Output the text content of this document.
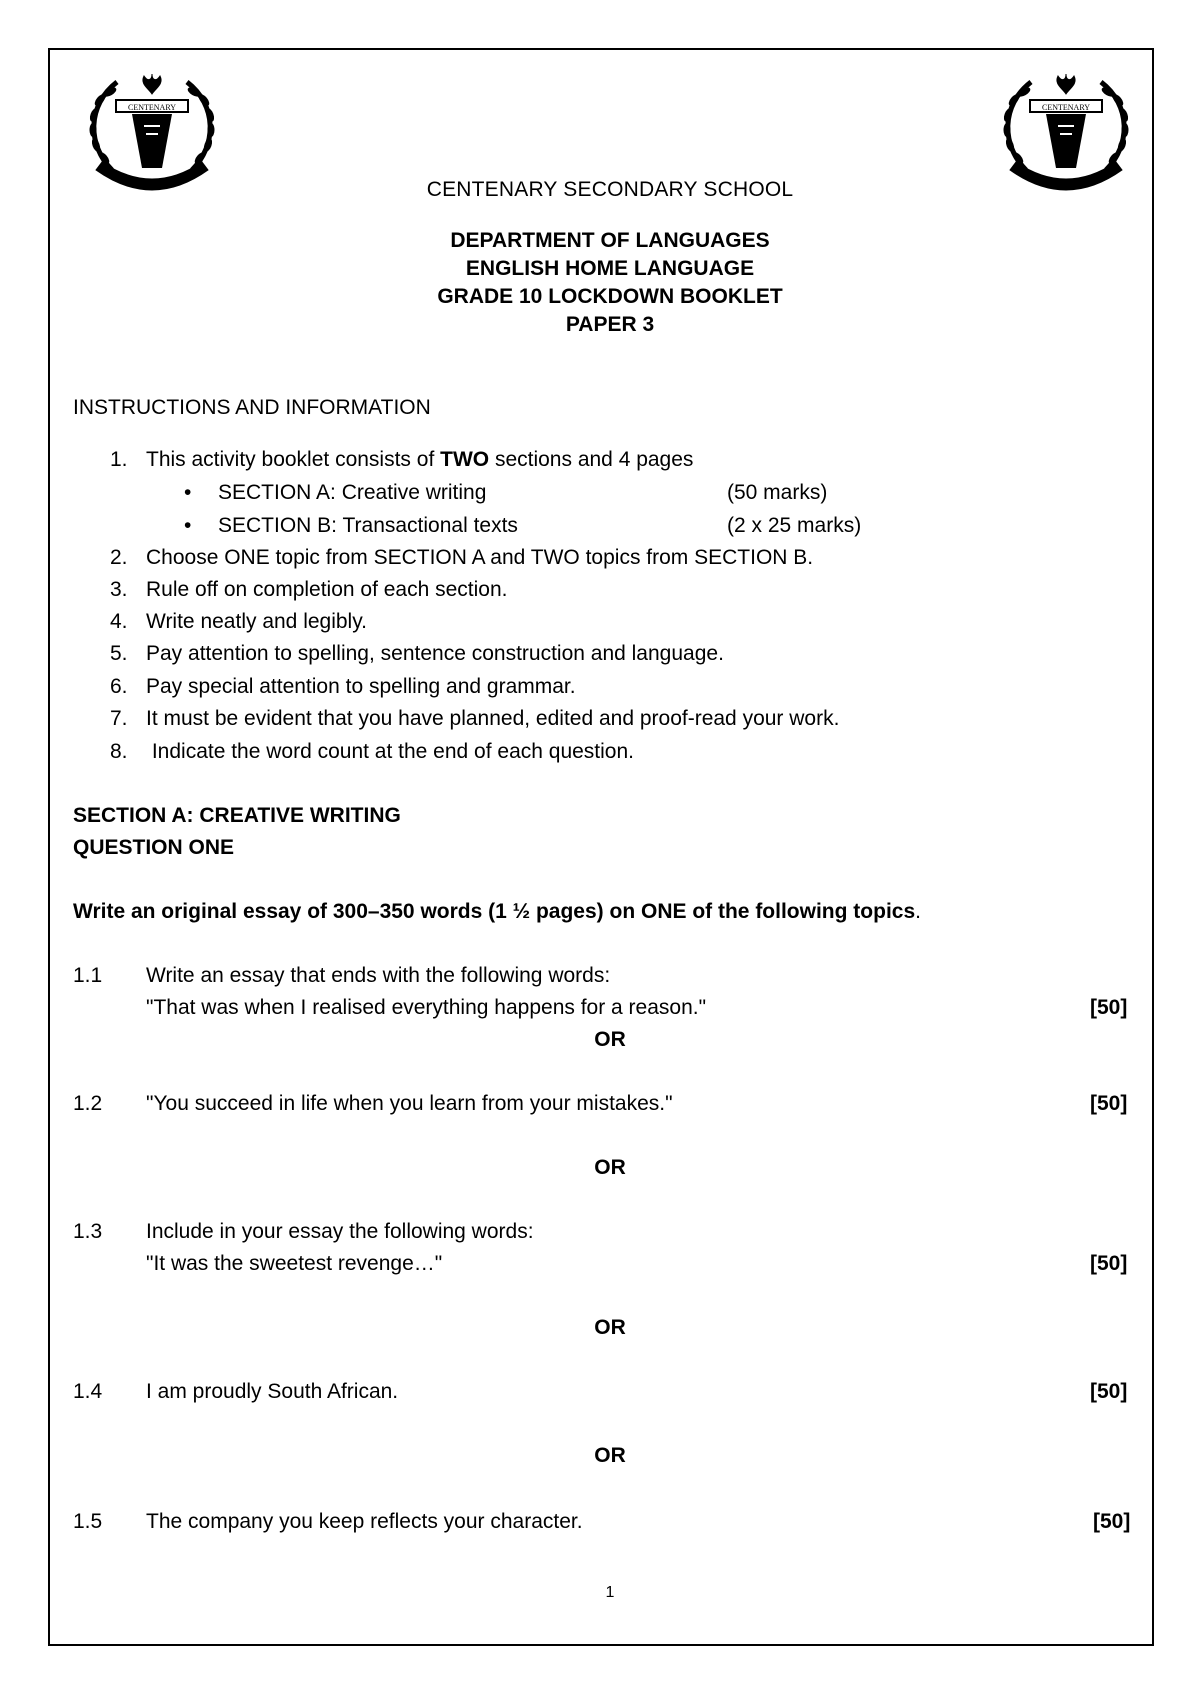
CENTENARY	CENTENARY
CENTENARY SECONDARY SCHOOL
DEPARTMENT OF LANGUAGES
ENGLISH HOME LANGUAGE
GRADE 10 LOCKDOWN BOOKLET
PAPER 3
INSTRUCTIONS AND INFORMATION
1. This activity booklet consists of TWO sections and 4 pages
• SECTION A: Creative writing	(50 marks)
• SECTION B: Transactional texts	(2 x 25 marks)
2. Choose ONE topic from SECTION A and TWO topics from SECTION B.
3. Rule off on completion of each section.
4. Write neatly and legibly.
5. Pay attention to spelling, sentence construction and language.
6. Pay special attention to spelling and grammar.
7. It must be evident that you have planned, edited and proof-read your work.
8. Indicate the word count at the end of each question.
SECTION A: CREATIVE WRITING
QUESTION ONE
Write an original essay of 300–350 words (1 ½ pages) on ONE of the following topics.
1.1 Write an essay that ends with the following words:
"That was when I realised everything happens for a reason."	[50]
OR
1.2 "You succeed in life when you learn from your mistakes."	[50]
OR
1.3 Include in your essay the following words:
"It was the sweetest revenge…"	[50]
OR
1.4 I am proudly South African.	[50]
OR
1.5 The company you keep reflects your character.	[50]
1
